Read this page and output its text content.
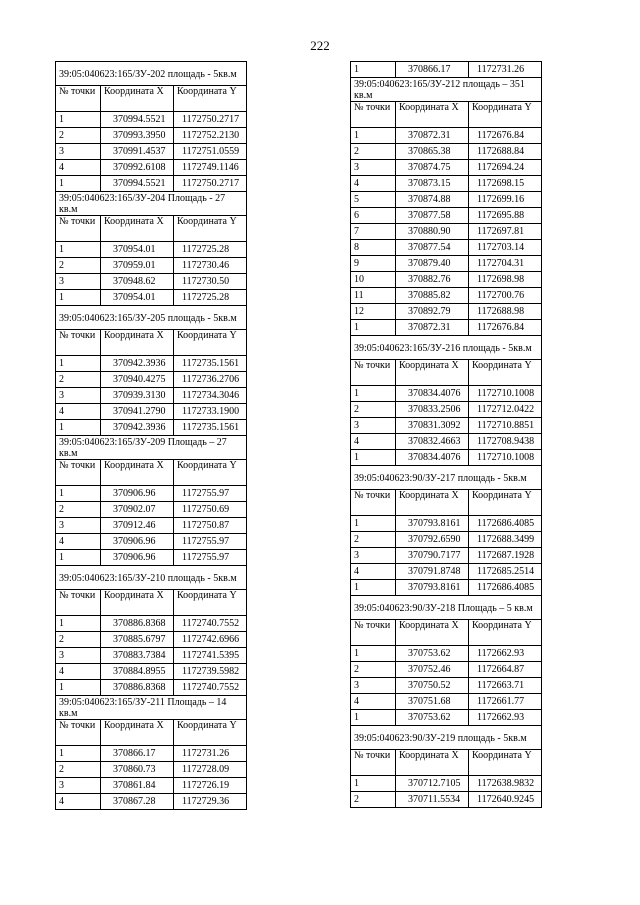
222
39:05:040623:165/ЗУ-202 площадь - 5кв.м		
№ точки	Координата X	Координата Y
1	370994.5521	1172750.2717
2	370993.3950	1172752.2130
3	370991.4537	1172751.0559
4	370992.6108	1172749.1146
1	370994.5521	1172750.2717
39:05:040623:165/ЗУ-204 Площадь - 27 кв.м		
№ точки	Координата X	Координата Y
1	370954.01	1172725.28
2	370959.01	1172730.46
3	370948.62	1172730.50
1	370954.01	1172725.28
39:05:040623:165/ЗУ-205 площадь - 5кв.м		
№ точки	Координата X	Координата Y
1	370942.3936	1172735.1561
2	370940.4275	1172736.2706
3	370939.3130	1172734.3046
4	370941.2790	1172733.1900
1	370942.3936	1172735.1561
39:05:040623:165/ЗУ-209 Площадь – 27 кв.м		
№ точки	Координата X	Координата Y
1	370906.96	1172755.97
2	370902.07	1172750.69
3	370912.46	1172750.87
4	370906.96	1172755.97
1	370906.96	1172755.97
39:05:040623:165/ЗУ-210 площадь - 5кв.м		
№ точки	Координата X	Координата Y
1	370886.8368	1172740.7552
2	370885.6797	1172742.6966
3	370883.7384	1172741.5395
4	370884.8955	1172739.5982
1	370886.8368	1172740.7552
39:05:040623:165/ЗУ-211 Площадь – 14 кв.м		
№ точки	Координата X	Координата Y
1	370866.17	1172731.26
2	370860.73	1172728.09
3	370861.84	1172726.19
4	370867.28	1172729.36
1	370866.17	1172731.26
39:05:040623:165/ЗУ-212 площадь – 351 кв.м		
№ точки	Координата X	Координата Y
1	370872.31	1172676.84
2	370865.38	1172688.84
3	370874.75	1172694.24
4	370873.15	1172698.15
5	370874.88	1172699.16
6	370877.58	1172695.88
7	370880.90	1172697.81
8	370877.54	1172703.14
9	370879.40	1172704.31
10	370882.76	1172698.98
11	370885.82	1172700.76
12	370892.79	1172688.98
1	370872.31	1172676.84
39:05:040623:165/ЗУ-216 площадь - 5кв.м		
№ точки	Координата X	Координата Y
1	370834.4076	1172710.1008
2	370833.2506	1172712.0422
3	370831.3092	1172710.8851
4	370832.4663	1172708.9438
1	370834.4076	1172710.1008
39:05:040623:90/ЗУ-217 площадь - 5кв.м		
№ точки	Координата X	Координата Y
1	370793.8161	1172686.4085
2	370792.6590	1172688.3499
3	370790.7177	1172687.1928
4	370791.8748	1172685.2514
1	370793.8161	1172686.4085
39:05:040623:90/ЗУ-218 Площадь – 5 кв.м		
№ точки	Координата X	Координата Y
1	370753.62	1172662.93
2	370752.46	1172664.87
3	370750.52	1172663.71
4	370751.68	1172661.77
1	370753.62	1172662.93
39:05:040623:90/ЗУ-219 площадь - 5кв.м		
№ точки	Координата X	Координата Y
1	370712.7105	1172638.9832
2	370711.5534	1172640.9245
